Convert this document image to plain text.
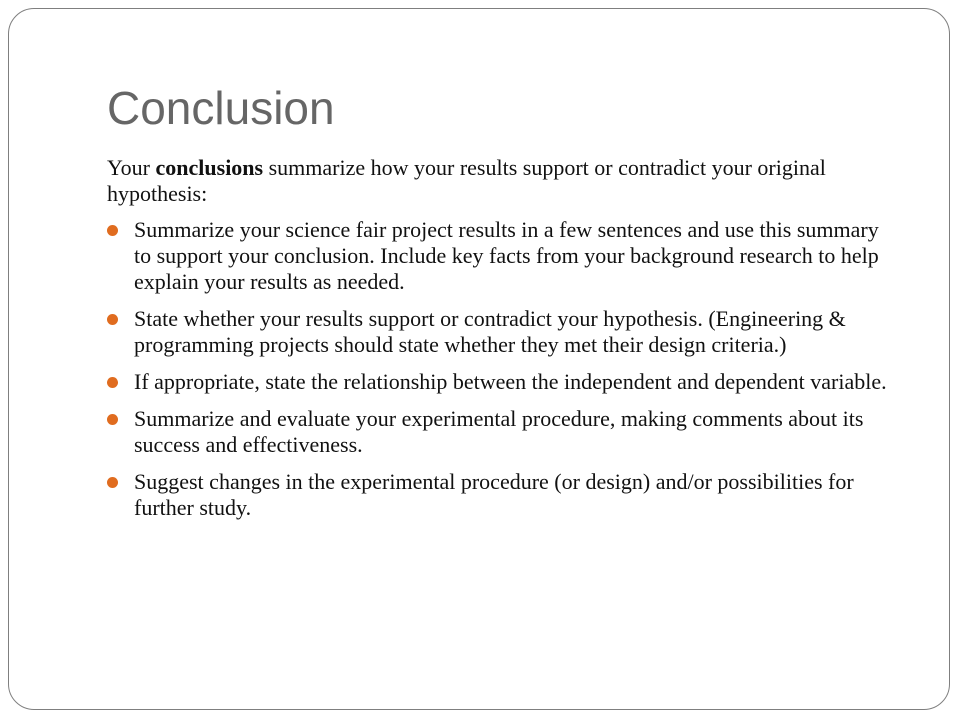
Conclusion

Your conclusions summarize how your results support or contradict your original hypothesis:

Summarize your science fair project results in a few sentences and use this summary to support your conclusion. Include key facts from your background research to help explain your results as needed.
State whether your results support or contradict your hypothesis. (Engineering & programming projects should state whether they met their design criteria.)
If appropriate, state the relationship between the independent and dependent variable.
Summarize and evaluate your experimental procedure, making comments about its success and effectiveness.
Suggest changes in the experimental procedure (or design) and/or possibilities for further study.
